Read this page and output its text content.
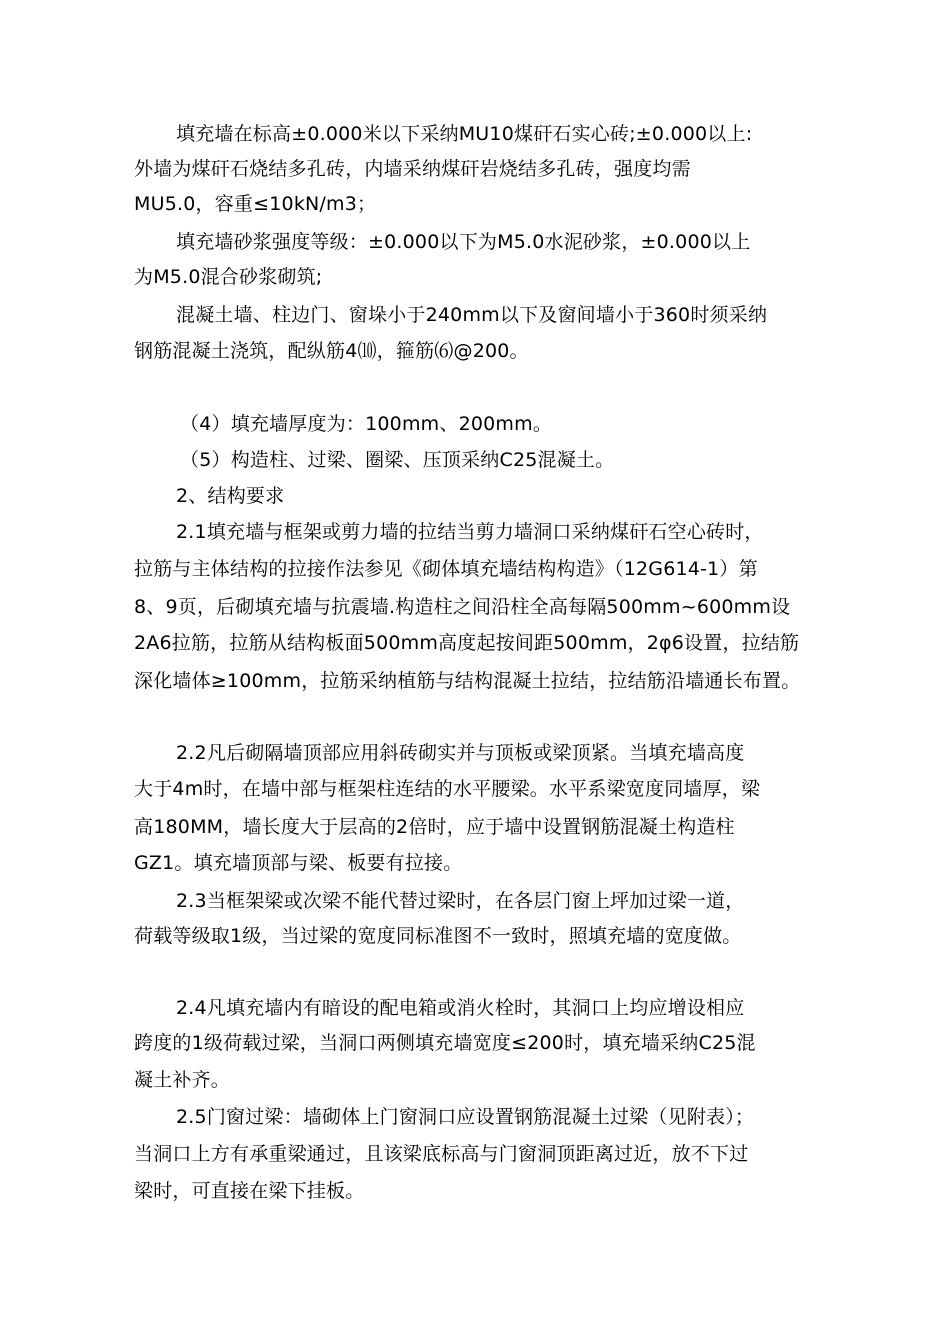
填充墙在标高±0.000米以下采纳MU10煤矸石实心砖;±0.000以上:
外墙为煤矸石烧结多孔砖，内墙采纳煤矸岩烧结多孔砖，强度均需
MU5.0，容重≤10kN/m3；
填充墙砂浆强度等级：±0.000以下为M5.0水泥砂浆，±0.000以上
为M5.0混合砂浆砌筑;
混凝土墙、柱边门、窗垛小于240mm以下及窗间墙小于360时须采纳
钢筋混凝土浇筑，配纵筋4⑽，箍筋⑹@200。
（4）填充墙厚度为：100mm、200mm。
（5）构造柱、过梁、圈梁、压顶采纳C25混凝土。
2、结构要求
2.1填充墙与框架或剪力墙的拉结当剪力墙洞口采纳煤矸石空心砖时，
拉筋与主体结构的拉接作法参见《砌体填充墙结构构造》（12G614-1）第
8、9页，后砌填充墙与抗震墙.构造柱之间沿柱全高每隔500mm~600mm设
2A6拉筋，拉筋从结构板面500mm高度起按间距500mm，2φ6设置，拉结筋
深化墙体≥100mm，拉筋采纳植筋与结构混凝土拉结，拉结筋沿墙通长布置。
2.2凡后砌隔墙顶部应用斜砖砌实并与顶板或梁顶紧。当填充墙高度
大于4m时，在墙中部与框架柱连结的水平腰梁。水平系梁宽度同墙厚，梁
高180MM，墙长度大于层高的2倍时，应于墙中设置钢筋混凝土构造柱
GZ1。填充墙顶部与梁、板要有拉接。
2.3当框架梁或次梁不能代替过梁时，在各层门窗上坪加过梁一道，
荷载等级取1级，当过梁的宽度同标准图不一致时，照填充墙的宽度做。
2.4凡填充墙内有暗设的配电箱或消火栓时，其洞口上均应增设相应
跨度的1级荷载过梁，当洞口两侧填充墙宽度≤200时，填充墙采纳C25混
凝土补齐。
2.5门窗过梁：墙砌体上门窗洞口应设置钢筋混凝土过梁（见附表）；
当洞口上方有承重梁通过，且该梁底标高与门窗洞顶距离过近，放不下过
梁时，可直接在梁下挂板。
